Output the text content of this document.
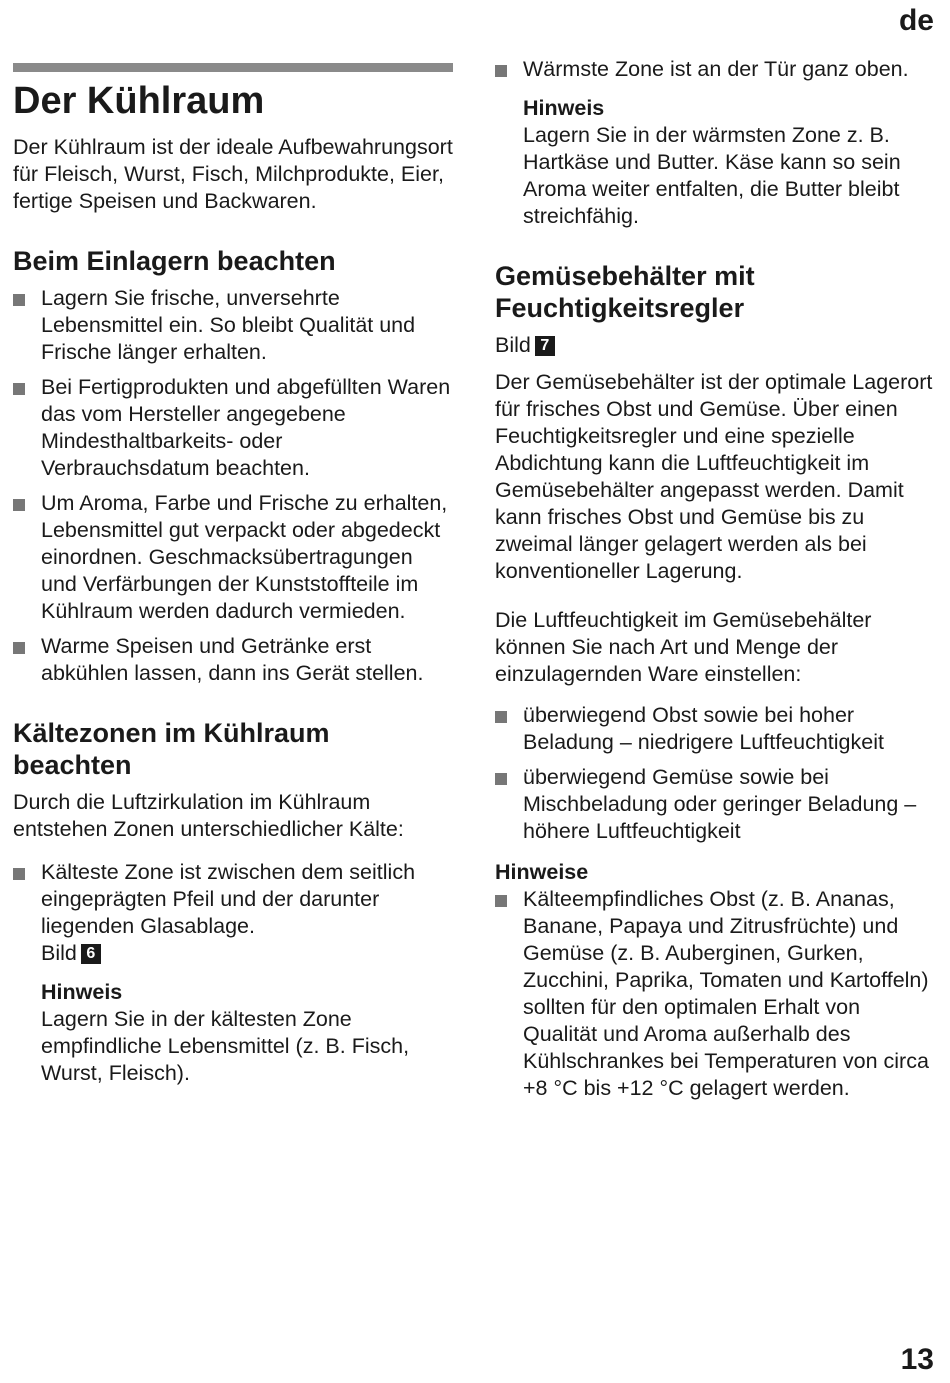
de
Der Kühlraum

Der Kühlraum ist der ideale Aufbewahrungsort für Fleisch, Wurst, Fisch, Milchprodukte, Eier, fertige Speisen und Backwaren.

Beim Einlagern beachten
Lagern Sie frische, unversehrte Lebensmittel ein. So bleibt Qualität und Frische länger erhalten.
Bei Fertigprodukten und abgefüllten Waren das vom Hersteller angegebene Mindesthaltbarkeits- oder Verbrauchsdatum beachten.
Um Aroma, Farbe und Frische zu erhalten, Lebensmittel gut verpackt oder abgedeckt einordnen. Geschmacksübertragungen und Verfärbungen der Kunststoffteile im Kühlraum werden dadurch vermieden.
Warme Speisen und Getränke erst abkühlen lassen, dann ins Gerät stellen.
Kältezonen im Kühlraum beachten

Durch die Luftzirkulation im Kühlraum entstehen Zonen unterschiedlicher Kälte:

Kälteste Zone ist zwischen dem seitlich eingeprägten Pfeil und der darunter liegenden Glasablage.
Bild 6
Hinweis

Lagern Sie in der kältesten Zone empfindliche Lebensmittel (z. B. Fisch, Wurst, Fleisch).

Wärmste Zone ist an der Tür ganz oben.
Hinweis

Lagern Sie in der wärmsten Zone z. B. Hartkäse und Butter. Käse kann so sein Aroma weiter entfalten, die Butter bleibt streichfähig.

Gemüsebehälter mit Feuchtigkeitsregler

Bild 7

Der Gemüsebehälter ist der optimale Lagerort für frisches Obst und Gemüse. Über einen Feuchtigkeitsregler und eine spezielle Abdichtung kann die Luftfeuchtigkeit im Gemüsebehälter angepasst werden. Damit kann frisches Obst und Gemüse bis zu zweimal länger gelagert werden als bei konventioneller Lagerung.

Die Luftfeuchtigkeit im Gemüsebehälter können Sie nach Art und Menge der einzulagernden Ware einstellen:

überwiegend Obst sowie bei hoher Beladung – niedrigere Luftfeuchtigkeit
überwiegend Gemüse sowie bei Mischbeladung oder geringer Beladung – höhere Luftfeuchtigkeit
Hinweise
Kälteempfindliches Obst (z. B. Ananas, Banane, Papaya und Zitrusfrüchte) und Gemüse (z. B. Auberginen, Gurken, Zucchini, Paprika, Tomaten und Kartoffeln) sollten für den optimalen Erhalt von Qualität und Aroma außerhalb des Kühlschrankes bei Temperaturen von circa +8 °C bis +12 °C gelagert werden.
13
